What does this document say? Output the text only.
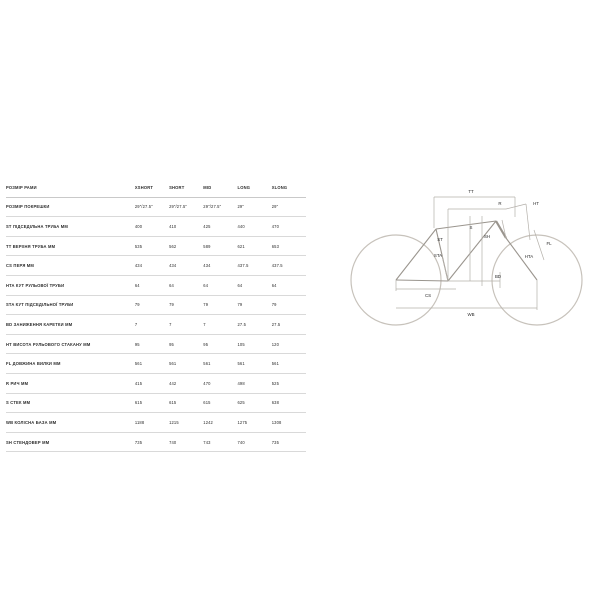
РОЗМІР РАМИ	XSHORT	SHORT	MID	LONG	XLONG
РОЗМІР ПОКРЕШКИ	29"/27.5"	29"/27.5"	29"/27.5"	29"	29"
ST ПІДСЕДІЛЬНА ТРУБА ММ	400	410	425	440	470
TT ВЕРХНЯ ТРУБА ММ	535	562	589	621	653
CS ПЕРЯ ММ	434	434	434	437.5	437.5
HTA КУТ РУЛЬОВОЇ ТРУБИ	64	64	64	64	64
STA КУТ ПІДСЕДІЛЬНОЇ ТРУБИ	79	79	79	79	79
BD ЗАНИЖЕННЯ КАРЕТКИ ММ	7	7	7	27.5	27.5
HT ВИСОТА РУЛЬОВОГО СТАКАНУ ММ	95	95	95	105	120
FL ДОВЖИНА ВИЛКИ ММ	561	561	561	561	561
R РИЧ ММ	415	442	470	498	525
S СТЕК ММ	615	615	615	625	638
WB КОЛІСНА БАЗА ММ	1188	1215	1242	1275	1308
SH СТЕНДОВЕР ММ	735	740	743	740	735
TT
R	HT
ST
S
SH
FL
STA	HTA
CS
BD
WB
